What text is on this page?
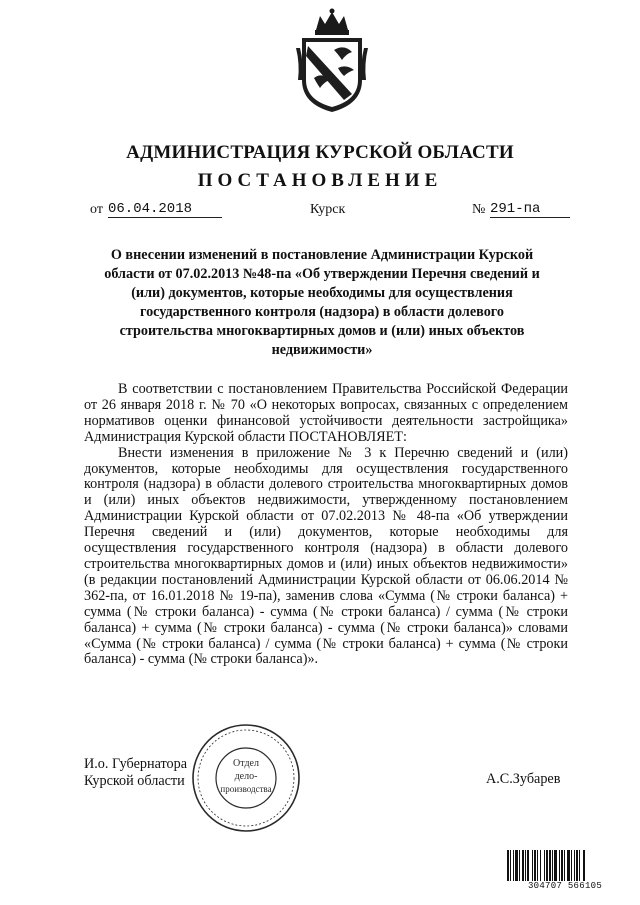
АДМИНИСТРАЦИЯ КУРСКОЙ ОБЛАСТИ
ПОСТАНОВЛЕНИЕ
от 06.04.2018	Курск	№ 291-па
О внесении изменений в постановление Администрации Курской области от 07.02.2013 №48-па «Об утверждении Перечня сведений и (или) документов, которые необходимы для осуществления государственного контроля (надзора) в области долевого строительства многоквартирных домов и (или) иных объектов недвижимости»

В соответствии с постановлением Правительства Российской Федерации от 26 января 2018 г. № 70 «О некоторых вопросах, связанных с определением нормативов оценки финансовой устойчивости деятельности застройщика» Администрация Курской области ПОСТАНОВЛЯЕТ:

Внести изменения в приложение № 3 к Перечню сведений и (или) документов, которые необходимы для осуществления государственного контроля (надзора) в области долевого строительства многоквартирных домов и (или) иных объектов недвижимости, утвержденному постановлением Администрации Курской области от 07.02.2013 № 48-па «Об утверждении Перечня сведений и (или) документов, которые необходимы для осуществления государственного контроля (надзора) в области долевого строительства многоквартирных домов и (или) иных объектов недвижимости» (в редакции постановлений Администрации Курской области от 06.06.2014 № 362-па, от 16.01.2018 № 19-па), заменив слова «Сумма (№ строки баланса) + сумма (№ строки баланса) - сумма (№ строки баланса) / сумма (№ строки баланса) + сумма (№ строки баланса) - сумма (№ строки баланса)» словами «Сумма (№ строки баланса) / сумма (№ строки баланса) + сумма (№ строки баланса) - сумма (№ строки баланса)».

И.о. Губернатора
Курской области	А.С.Зубарев
Отдел
дело-
производства
304707 566105
